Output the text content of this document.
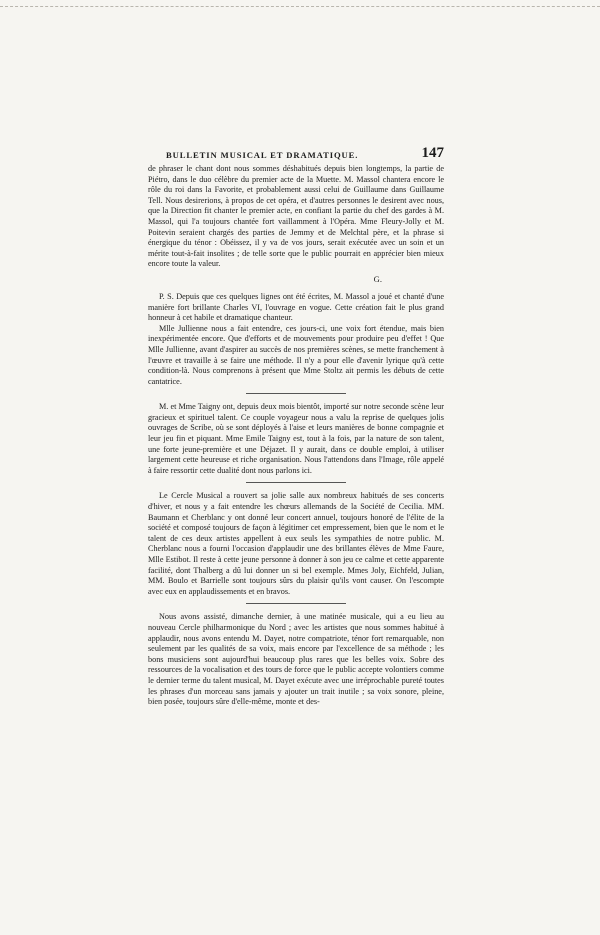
BULLETIN MUSICAL ET DRAMATIQUE.	147

de phraser le chant dont nous sommes déshabitués depuis bien longtemps, la partie de Piétro, dans le duo célèbre du premier acte de la Muette. M. Massol chantera encore le rôle du roi dans la Favorite, et probablement aussi celui de Guillaume dans Guillaume Tell. Nous desirerions, à propos de cet opéra, et d'autres personnes le desirent avec nous, que la Direction fit chanter le premier acte, en confiant la partie du chef des gardes à M. Massol, qui l'a toujours chantée fort vaillamment à l'Opéra. Mme Fleury-Jolly et M. Poitevin seraient chargés des parties de Jemmy et de Melchtal père, et la phrase si énergique du ténor : Obéissez, il y va de vos jours, serait exécutée avec un soin et un mérite tout-à-fait insolites ; de telle sorte que le public pourrait en apprécier bien mieux encore toute la valeur.

G.

P. S. Depuis que ces quelques lignes ont été écrites, M. Massol a joué et chanté d'une manière fort brillante Charles VI, l'ouvrage en vogue. Cette création fait le plus grand honneur à cet habile et dramatique chanteur.

Mlle Jullienne nous a fait entendre, ces jours-ci, une voix fort étendue, mais bien inexpérimentée encore. Que d'efforts et de mouvements pour produire peu d'effet ! Que Mlle Jullienne, avant d'aspirer au succès de nos premières scènes, se mette franchement à l'œuvre et travaille à se faire une méthode. Il n'y a pour elle d'avenir lyrique qu'à cette condition-là. Nous comprenons à présent que Mme Stoltz ait permis les débuts de cette cantatrice.

M. et Mme Taigny ont, depuis deux mois bientôt, importé sur notre seconde scène leur gracieux et spirituel talent. Ce couple voyageur nous a valu la reprise de quelques jolis ouvrages de Scribe, où se sont déployés à l'aise et leurs manières de bonne compagnie et leur jeu fin et piquant. Mme Emile Taigny est, tout à la fois, par la nature de son talent, une forte jeune-première et une Déjazet. Il y aurait, dans ce double emploi, à utiliser largement cette heureuse et riche organisation. Nous l'attendons dans l'Image, rôle appelé à faire ressortir cette dualité dont nous parlons ici.

Le Cercle Musical a rouvert sa jolie salle aux nombreux habitués de ses concerts d'hiver, et nous y a fait entendre les chœurs allemands de la Société de Cecilia. MM. Baumann et Cherblanc y ont donné leur concert annuel, toujours honoré de l'élite de la société et composé toujours de façon à légitimer cet empressement, bien que le nom et le talent de ces deux artistes appellent à eux seuls les sympathies de notre public. M. Cherblanc nous a fourni l'occasion d'applaudir une des brillantes élèves de Mme Faure, Mlle Estibot. Il reste à cette jeune personne à donner à son jeu ce calme et cette apparente facilité, dont Thalberg a dû lui donner un si bel exemple. Mmes Joly, Eichfeld, Julian, MM. Boulo et Barrielle sont toujours sûrs du plaisir qu'ils vont causer. On l'escompte avec eux en applaudissements et en bravos.

Nous avons assisté, dimanche dernier, à une matinée musicale, qui a eu lieu au nouveau Cercle philharmonique du Nord ; avec les artistes que nous sommes habitué à applaudir, nous avons entendu M. Dayet, notre compatriote, ténor fort remarquable, non seulement par les qualités de sa voix, mais encore par l'excellence de sa méthode ; les bons musiciens sont aujourd'hui beaucoup plus rares que les belles voix. Sobre des ressources de la vocalisation et des tours de force que le public accepte volontiers comme le dernier terme du talent musical, M. Dayet exécute avec une irréprochable pureté toutes les phrases d'un morceau sans jamais y ajouter un trait inutile ; sa voix sonore, pleine, bien posée, toujours sûre d'elle-même, monte et des-
